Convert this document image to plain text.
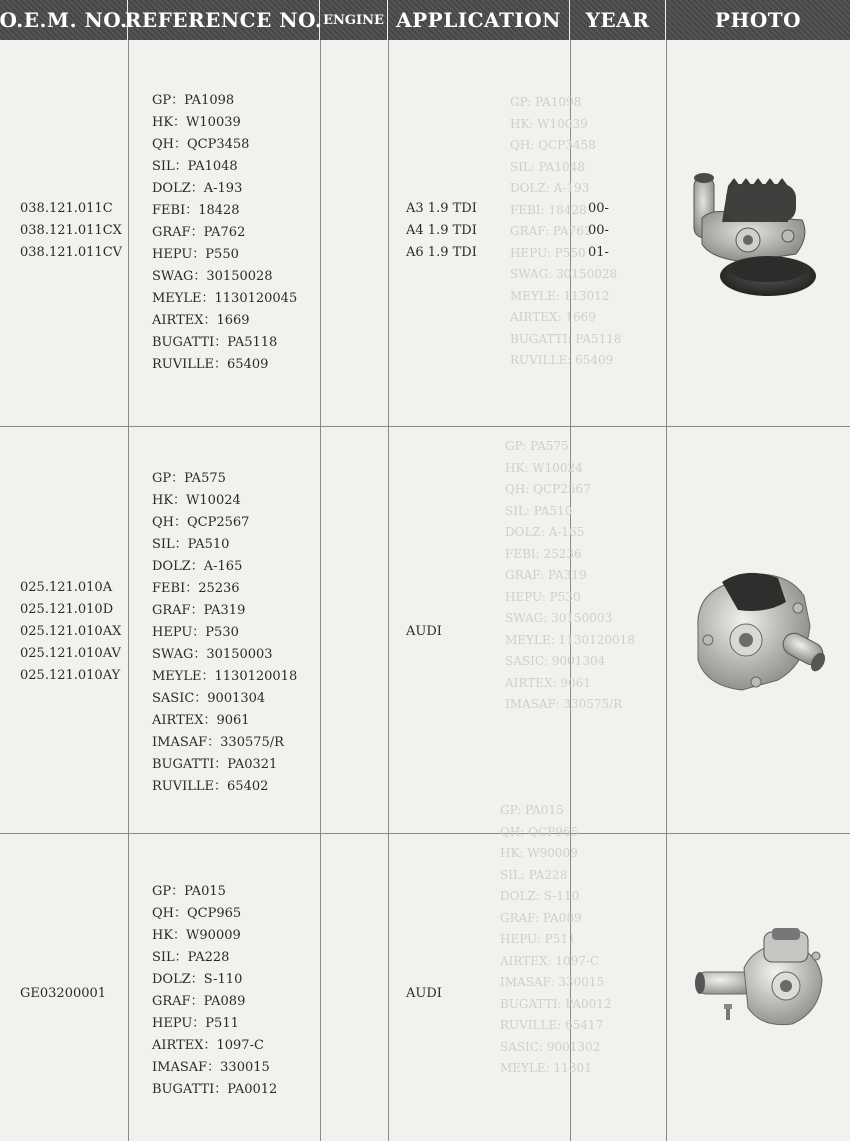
O.E.M. NO.
REFERENCE NO. ENGINE APPLICATION	YEAR	PHOTO
GP: PA1098
HK: W10039
QH: QCP3458
SIL: PA1048
DOLZ: A-193
FEBI: 18428
GRAF: PA762
HEPU: P550
SWAG: 30150028
MEYLE: 113012
AIRTEX: 1669
BUGATTI: PA5118
RUVILLE: 65409
GP: PA575
HK: W10024
QH: QCP2567
SIL: PA510
DOLZ: A-165
FEBI: 25236
GRAF: PA319
HEPU: P530
SWAG: 30150003
MEYLE: 1130120018
SASIC: 9001304
AIRTEX: 9061
IMASAF: 330575/R
GP: PA015
QH: QCP965
HK: W90009
SIL: PA228
DOLZ: S-110
GRAF: PA089
HEPU: P511
AIRTEX: 1097-C
IMASAF: 330015
BUGATTI: PA0012
RUVILLE: 65417
SASIC: 9001302
MEYLE: 11301
038.121.011C
038.121.011CX
038.121.011CV
GP：PA1098
HK：W10039
QH：QCP3458
SIL：PA1048
DOLZ：A-193
FEBI：18428
GRAF：PA762
HEPU：P550
SWAG：30150028
MEYLE：1130120045
AIRTEX：1669
BUGATTI：PA5118
RUVILLE：65409
A3 1.9 TDI
A4 1.9 TDI
A6 1.9 TDI
00-
00-
01-
025.121.010A
025.121.010D
025.121.010AX
025.121.010AV
025.121.010AY
GP：PA575
HK：W10024
QH：QCP2567
SIL：PA510
DOLZ：A-165
FEBI：25236
GRAF：PA319
HEPU：P530
SWAG：30150003
MEYLE：1130120018
SASIC：9001304
AIRTEX：9061
IMASAF：330575/R
BUGATTI：PA0321
RUVILLE：65402
AUDI
GE03200001
GP：PA015
QH：QCP965
HK：W90009
SIL：PA228
DOLZ：S-110
GRAF：PA089
HEPU：P511
AIRTEX：1097-C
IMASAF：330015
BUGATTI：PA0012
AUDI
